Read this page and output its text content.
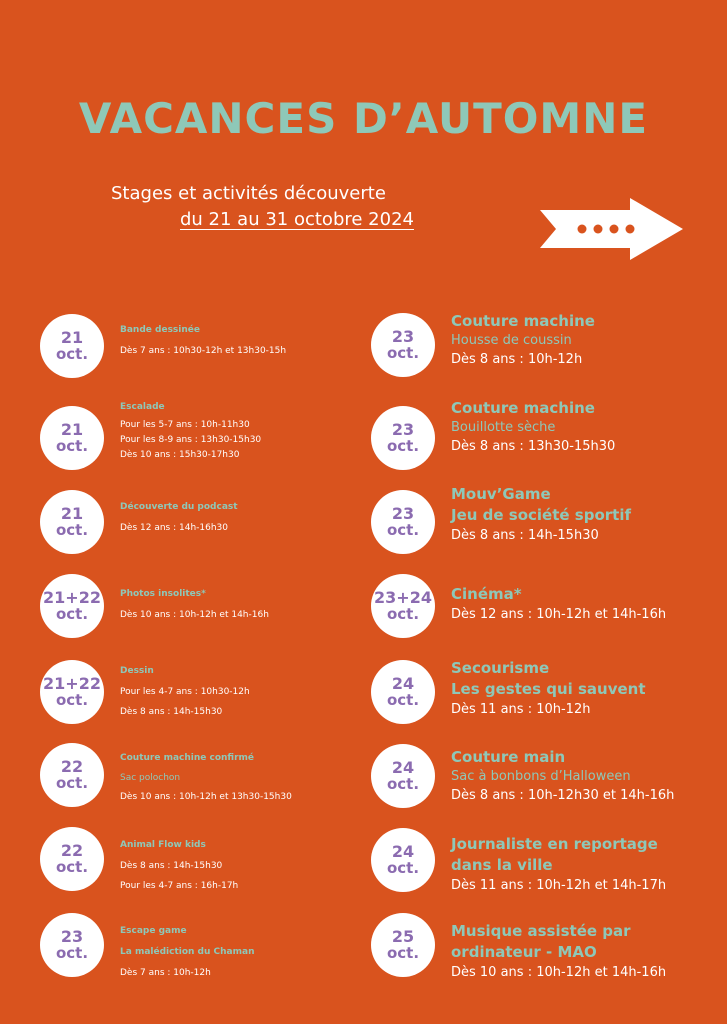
VACANCES D’AUTOMNE
Stages et activités découverte
du 21 au 31 octobre 2024
21
oct.
Bande dessinée
Dès 7 ans : 10h30-12h et 13h30-15h
21
oct.
Escalade
Pour les 5-7 ans : 10h-11h30
Pour les 8-9 ans : 13h30-15h30
Dès 10 ans : 15h30-17h30
21
oct.
Découverte du podcast
Dès 12 ans : 14h-16h30
21+22
oct.
Photos insolites*
Dès 10 ans : 10h-12h et 14h-16h
21+22
oct.
Dessin
Pour les 4-7 ans : 10h30-12h
Dès 8 ans : 14h-15h30
22
oct.
Couture machine confirmé
Sac polochon
Dès 10 ans : 10h-12h et 13h30-15h30
22
oct.
Animal Flow kids
Dès 8 ans : 14h-15h30
Pour les 4-7 ans : 16h-17h
23
oct.
Escape game
La malédiction du Chaman
Dès 7 ans : 10h-12h
23
oct.
Couture machine
Housse de coussin
Dès 8 ans : 10h-12h
23
oct.
Couture machine
Bouillotte sèche
Dès 8 ans : 13h30-15h30
23
oct.
Mouv’Game
Jeu de société sportif
Dès 8 ans : 14h-15h30
23+24
oct.
Cinéma*
Dès 12 ans : 10h-12h et 14h-16h
24
oct.
Secourisme
Les gestes qui sauvent
Dès 11 ans : 10h-12h
24
oct.
Couture main
Sac à bonbons d’Halloween
Dès 8 ans : 10h-12h30 et 14h-16h
24
oct.
Journaliste en reportage
dans la ville
Dès 11 ans : 10h-12h et 14h-17h
25
oct.
Musique assistée par
ordinateur - MAO
Dès 10 ans : 10h-12h et 14h-16h
